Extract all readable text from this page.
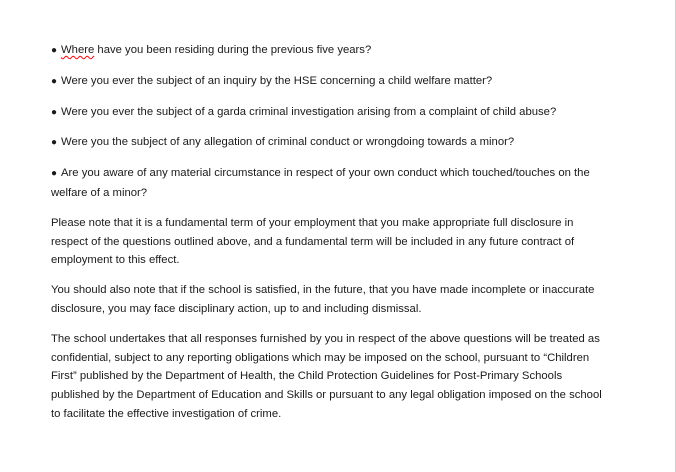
● Where have you been residing during the previous five years?

● Were you ever the subject of an inquiry by the HSE concerning a child welfare matter?

● Were you ever the subject of a garda criminal investigation arising from a complaint of child abuse?

● Were you the subject of any allegation of criminal conduct or wrongdoing towards a minor?

● Are you aware of any material circumstance in respect of your own conduct which touched/touches on the welfare of a minor?

Please note that it is a fundamental term of your employment that you make appropriate full disclosure in respect of the questions outlined above, and a fundamental term will be included in any future contract of employment to this effect.

You should also note that if the school is satisfied, in the future, that you have made incomplete or inaccurate disclosure, you may face disciplinary action, up to and including dismissal.

The school undertakes that all responses furnished by you in respect of the above questions will be treated as confidential, subject to any reporting obligations which may be imposed on the school, pursuant to “Children First” published by the Department of Health, the Child Protection Guidelines for Post-Primary Schools published by the Department of Education and Skills or pursuant to any legal obligation imposed on the school to facilitate the effective investigation of crime.
